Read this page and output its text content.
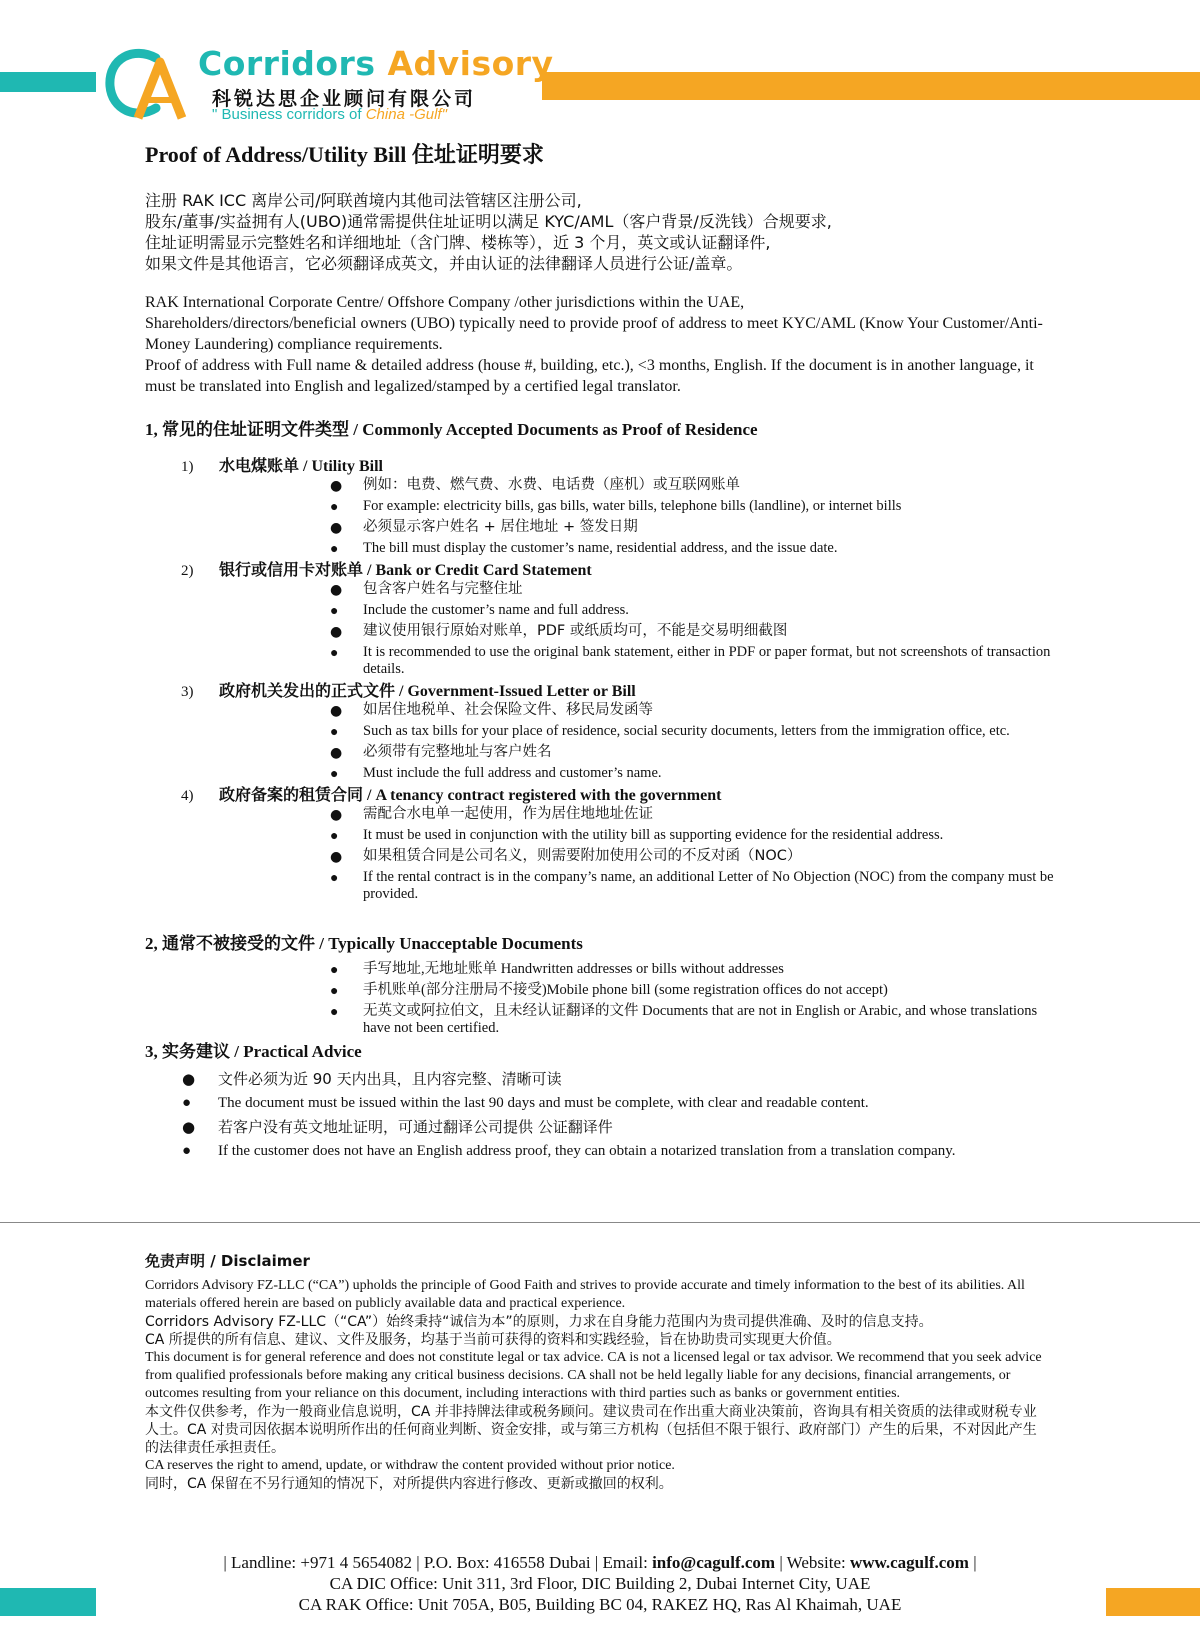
Corridors Advisory
科锐达思企业顾问有限公司
" Business corridors of China -Gulf"
Proof of Address/Utility Bill 住址证明要求

注册 RAK ICC 离岸公司/阿联酋境内其他司法管辖区注册公司,

股东/董事/实益拥有人(UBO)通常需提供住址证明以满足 KYC/AML（客户背景/反洗钱）合规要求,

住址证明需显示完整姓名和详细地址（含门牌、楼栋等），近 3 个月，英文或认证翻译件,

如果文件是其他语言，它必须翻译成英文，并由认证的法律翻译人员进行公证/盖章。

RAK International Corporate Centre/ Offshore Company /other jurisdictions within the UAE,

Shareholders/directors/beneficial owners (UBO) typically need to provide proof of address to meet KYC/AML (Know Your Customer/Anti-Money Laundering) compliance requirements.

Proof of address with Full name & detailed address (house #, building, etc.), <3 months, English. If the document is in another language, it must be translated into English and legalized/stamped by a certified legal translator.

1, 常见的住址证明文件类型 / Commonly Accepted Documents as Proof of Residence
1) 水电煤账单 / Utility Bill
● 例如：电费、燃气费、水费、电话费（座机）或互联网账单
● For example: electricity bills, gas bills, water bills, telephone bills (landline), or internet bills
● 必须显示客户姓名 + 居住地址 + 签发日期
● The bill must display the customer’s name, residential address, and the issue date.
2) 银行或信用卡对账单 / Bank or Credit Card Statement
● 包含客户姓名与完整住址
● Include the customer’s name and full address.
● 建议使用银行原始对账单，PDF 或纸质均可，不能是交易明细截图
● It is recommended to use the original bank statement, either in PDF or paper format, but not screenshots of transaction details.
3) 政府机关发出的正式文件 / Government-Issued Letter or Bill
● 如居住地税单、社会保险文件、移民局发函等
● Such as tax bills for your place of residence, social security documents, letters from the immigration office, etc.
● 必须带有完整地址与客户姓名
● Must include the full address and customer’s name.
4) 政府备案的租赁合同 / A tenancy contract registered with the government
● 需配合水电单一起使用，作为居住地地址佐证
● It must be used in conjunction with the utility bill as supporting evidence for the residential address.
● 如果租赁合同是公司名义，则需要附加使用公司的不反对函（NOC）
● If the rental contract is in the company’s name, an additional Letter of No Objection (NOC) from the company must be provided.
2, 通常不被接受的文件 / Typically Unacceptable Documents
● 手写地址,无地址账单 Handwritten addresses or bills without addresses
● 手机账单(部分注册局不接受)Mobile phone bill (some registration offices do not accept)
● 无英文或阿拉伯文，且未经认证翻译的文件 Documents that are not in English or Arabic, and whose translations have not been certified.
3, 实务建议 / Practical Advice
● 文件必须为近 90 天内出具，且内容完整、清晰可读
● The document must be issued within the last 90 days and must be complete, with clear and readable content.
● 若客户没有英文地址证明，可通过翻译公司提供 公证翻译件
● If the customer does not have an English address proof, they can obtain a notarized translation from a translation company.
免责声明 / Disclaimer

Corridors Advisory FZ-LLC (“CA”) upholds the principle of Good Faith and strives to provide accurate and timely information to the best of its abilities. All materials offered herein are based on publicly available data and practical experience.

Corridors Advisory FZ-LLC（“CA”）始终秉持“诚信为本”的原则，力求在自身能力范围内为贵司提供准确、及时的信息支持。

CA 所提供的所有信息、建议、文件及服务，均基于当前可获得的资料和实践经验，旨在协助贵司实现更大价值。

This document is for general reference and does not constitute legal or tax advice. CA is not a licensed legal or tax advisor. We recommend that you seek advice from qualified professionals before making any critical business decisions. CA shall not be held legally liable for any decisions, financial arrangements, or outcomes resulting from your reliance on this document, including interactions with third parties such as banks or government entities.

本文件仅供参考，作为一般商业信息说明，CA 并非持牌法律或税务顾问。建议贵司在作出重大商业决策前，咨询具有相关资质的法律或财税专业人士。CA 对贵司因依据本说明所作出的任何商业判断、资金安排，或与第三方机构（包括但不限于银行、政府部门）产生的后果，不对因此产生的法律责任承担责任。

CA reserves the right to amend, update, or withdraw the content provided without prior notice.

同时，CA 保留在不另行通知的情况下，对所提供内容进行修改、更新或撤回的权利。

| Landline: +971 4 5654082 | P.O. Box: 416558 Dubai | Email: info@cagulf.com | Website: www.cagulf.com |

CA DIC Office: Unit 311, 3rd Floor, DIC Building 2, Dubai Internet City, UAE

CA RAK Office: Unit 705A, B05, Building BC 04, RAKEZ HQ, Ras Al Khaimah, UAE
